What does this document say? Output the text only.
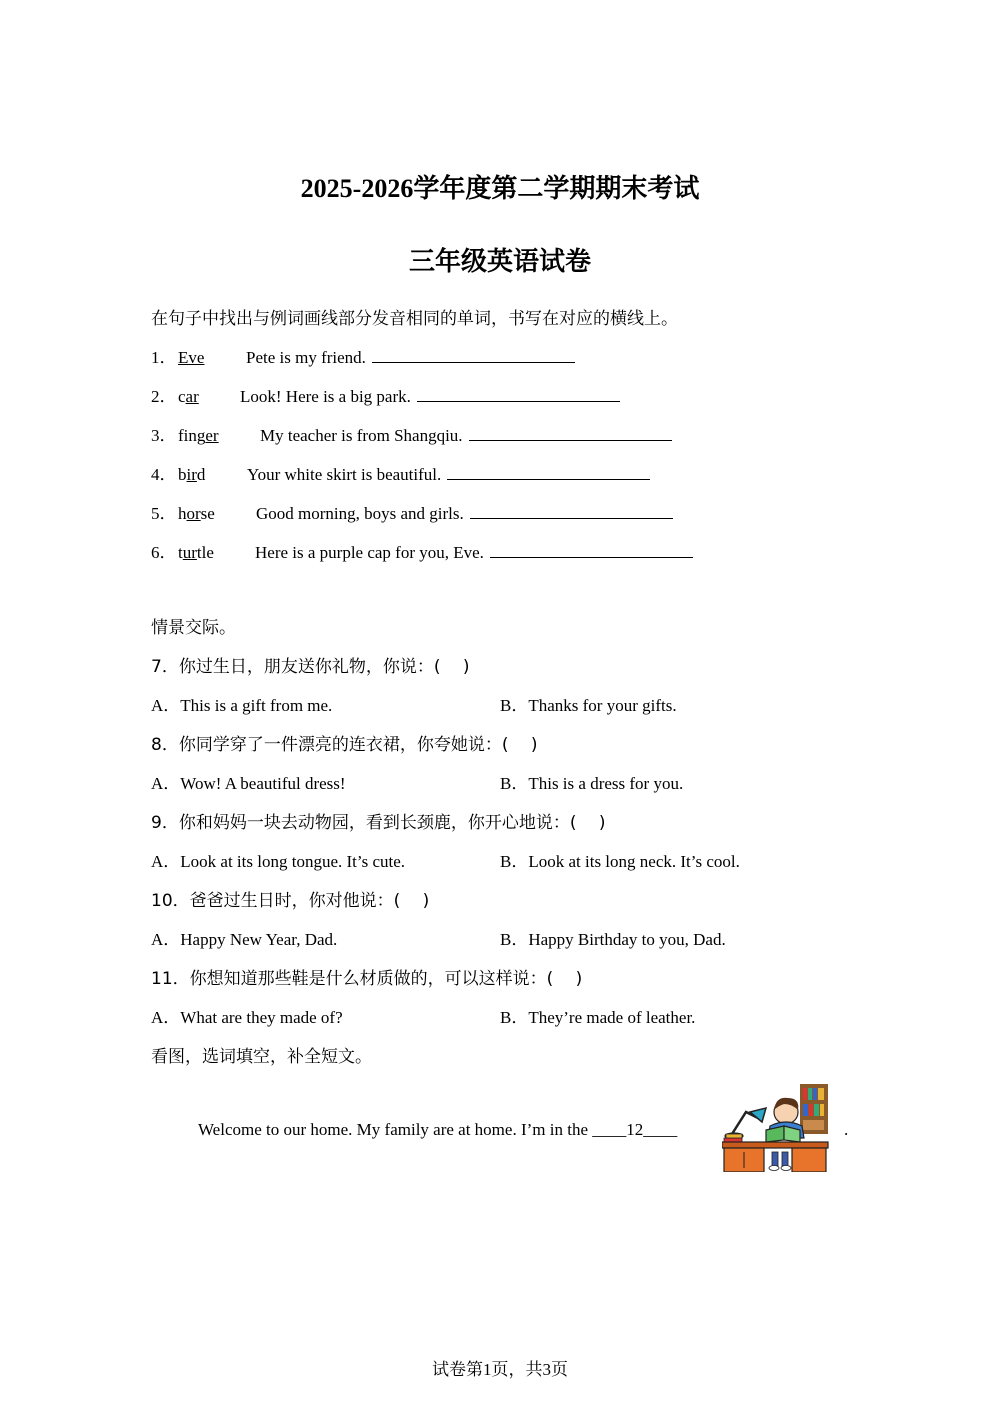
2025-2026学年度第二学期期末考试
三年级英语试卷
在句子中找出与例词画线部分发音相同的单词，书写在对应的横线上。
1．Eve Pete is my friend.
2．car Look! Here is a big park.
3．finger My teacher is from Shangqiu.
4．bird Your white skirt is beautiful.
5．horse Good morning, boys and girls.
6．turtle Here is a purple cap for you, Eve.
情景交际。
7．你过生日，朋友送你礼物，你说：(　 )
A．This is a gift from me.	B．Thanks for your gifts.
8．你同学穿了一件漂亮的连衣裙，你夸她说：(　 )
A．Wow! A beautiful dress!	B．This is a dress for you.
9．你和妈妈一块去动物园，看到长颈鹿，你开心地说：(　 )
A．Look at its long tongue. It’s cute.	B．Look at its long neck. It’s cool.
10．爸爸过生日时，你对他说：(　 )
A．Happy New Year, Dad.	B．Happy Birthday to you, Dad.
11．你想知道那些鞋是什么材质做的，可以这样说：(　 )
A．What are they made of?	B．They’re made of leather.
看图，选词填空，补全短文。
Welcome to our home. My family are at home. I’m in the ____12____	.
试卷第1页，共3页
